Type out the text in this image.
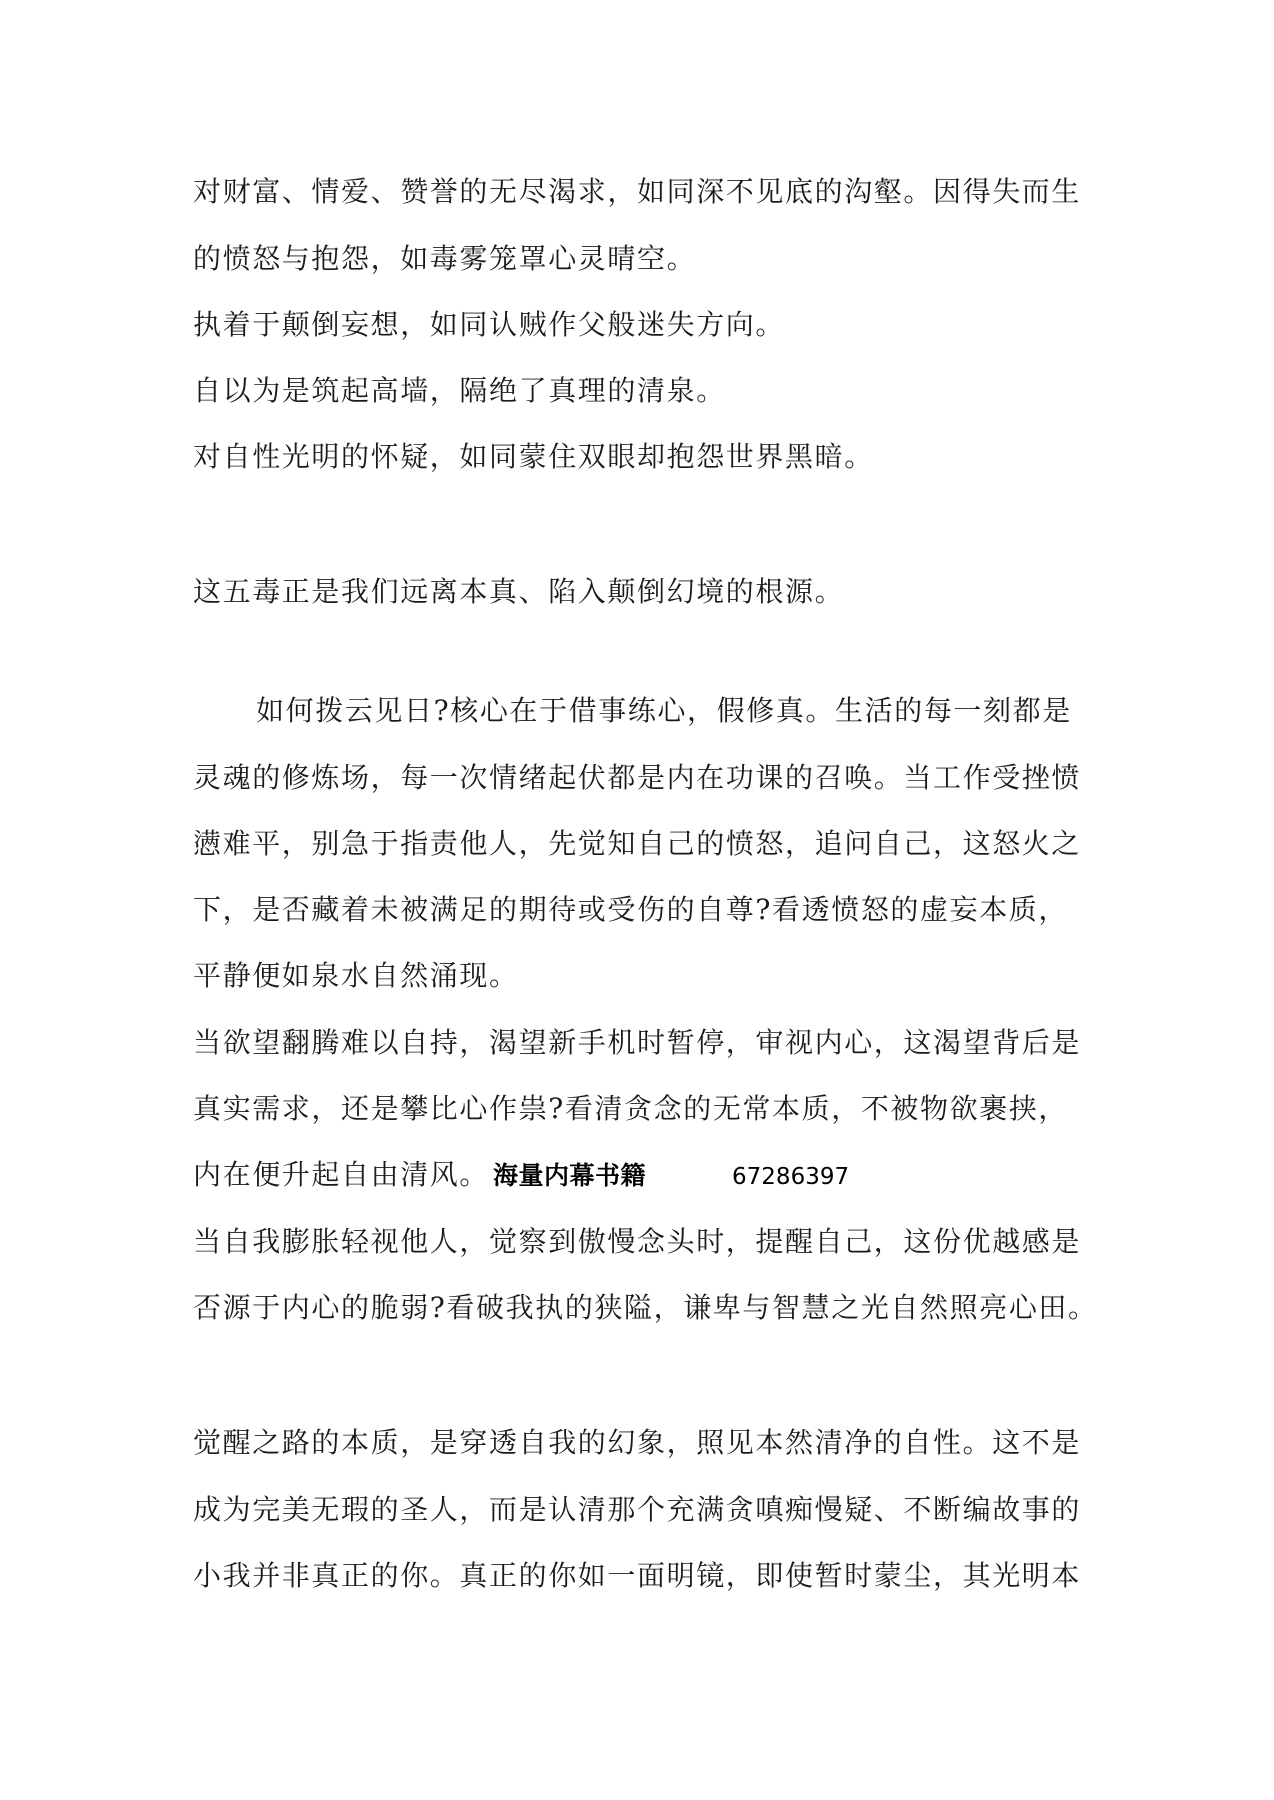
对财富、情爱、赞誉的无尽渴求，如同深不见底的沟壑。因得失而生
的愤怒与抱怨，如毒雾笼罩心灵晴空。
执着于颠倒妄想，如同认贼作父般迷失方向。
自以为是筑起高墙，隔绝了真理的清泉。
对自性光明的怀疑，如同蒙住双眼却抱怨世界黑暗。
这五毒正是我们远离本真、陷入颠倒幻境的根源。
如何拨云见日?核心在于借事练心，假修真。生活的每一刻都是
灵魂的修炼场，每一次情绪起伏都是内在功课的召唤。当工作受挫愤
懑难平，别急于指责他人，先觉知自己的愤怒，追问自己，这怒火之
下，是否藏着未被满足的期待或受伤的自尊?看透愤怒的虚妄本质，
平静便如泉水自然涌现。
当欲望翻腾难以自持，渴望新手机时暂停，审视内心，这渴望背后是
真实需求，还是攀比心作祟?看清贪念的无常本质，不被物欲裹挟，
内在便升起自由清风。 海量内幕书籍	67286397
当自我膨胀轻视他人，觉察到傲慢念头时，提醒自己，这份优越感是
否源于内心的脆弱?看破我执的狭隘，谦卑与智慧之光自然照亮心田。
觉醒之路的本质，是穿透自我的幻象，照见本然清净的自性。这不是
成为完美无瑕的圣人，而是认清那个充满贪嗔痴慢疑、不断编故事的
小我并非真正的你。真正的你如一面明镜，即使暂时蒙尘，其光明本
